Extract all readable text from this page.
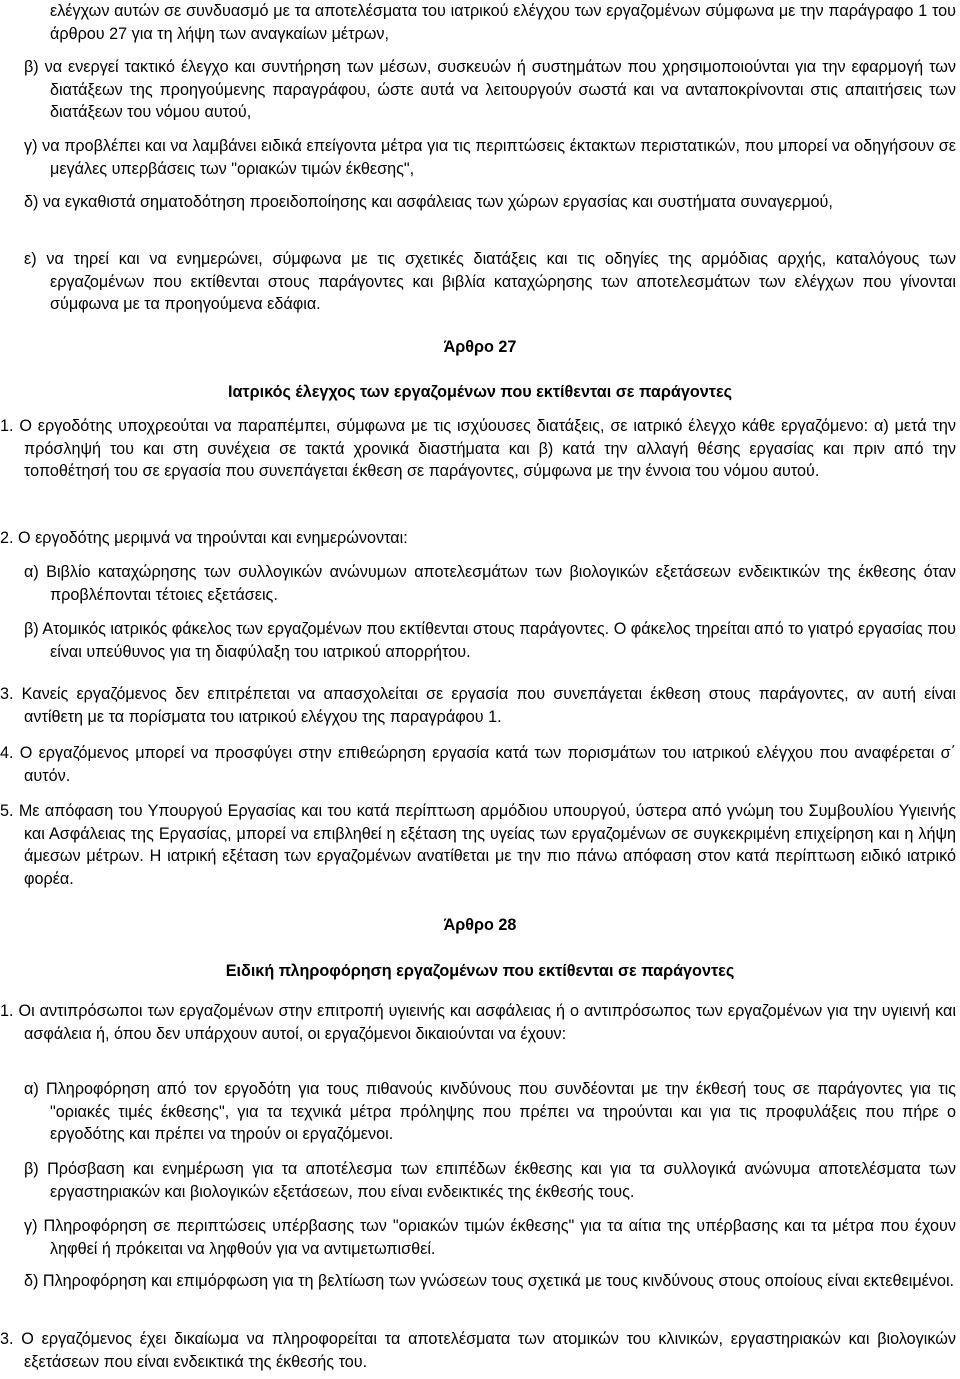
ελέγχων αυτών σε συνδυασμό με τα αποτελέσματα του ιατρικού ελέγχου των εργαζομένων σύμφωνα με την παράγραφο 1 του άρθρου 27 για τη λήψη των αναγκαίων μέτρων,
β) να ενεργεί τακτικό έλεγχο και συντήρηση των μέσων, συσκευών ή συστημάτων που χρησιμοποιούνται για την εφαρμογή των διατάξεων της προηγούμενης παραγράφου, ώστε αυτά να λειτουργούν σωστά και να ανταποκρίνονται στις απαιτήσεις των διατάξεων του νόμου αυτού,
γ) να προβλέπει και να λαμβάνει ειδικά επείγοντα μέτρα για τις περιπτώσεις έκτακτων περιστατικών, που μπορεί να οδηγήσουν σε μεγάλες υπερβάσεις των "οριακών τιμών έκθεσης",
δ) να εγκαθιστά σηματοδότηση προειδοποίησης και ασφάλειας των χώρων εργασίας και συστήματα συναγερμού,
ε) να τηρεί και να ενημερώνει, σύμφωνα με τις σχετικές διατάξεις και τις οδηγίες της αρμόδιας αρχής, καταλόγους των εργαζομένων που εκτίθενται στους παράγοντες και βιβλία καταχώρησης των αποτελεσμάτων των ελέγχων που γίνονται σύμφωνα με τα προηγούμενα εδάφια.
Άρθρο 27
Ιατρικός έλεγχος των εργαζομένων που εκτίθενται σε παράγοντες
1. Ο εργοδότης υποχρεούται να παραπέμπει, σύμφωνα με τις ισχύουσες διατάξεις, σε ιατρικό έλεγχο κάθε εργαζόμενο: α) μετά την πρόσληψή του και στη συνέχεια σε τακτά χρονικά διαστήματα και β) κατά την αλλαγή θέσης εργασίας και πριν από την τοποθέτησή του σε εργασία που συνεπάγεται έκθεση σε παράγοντες, σύμφωνα με την έννοια του νόμου αυτού.
2. Ο εργοδότης μεριμνά να τηρούνται και ενημερώνονται:
α) Βιβλίο καταχώρησης των συλλογικών ανώνυμων αποτελεσμάτων των βιολογικών εξετάσεων ενδεικτικών της έκθεσης όταν προβλέπονται τέτοιες εξετάσεις.
β) Ατομικός ιατρικός φάκελος των εργαζομένων που εκτίθενται στους παράγοντες. Ο φάκελος τηρείται από το γιατρό εργασίας που είναι υπεύθυνος για τη διαφύλαξη του ιατρικού απορρήτου.
3. Κανείς εργαζόμενος δεν επιτρέπεται να απασχολείται σε εργασία που συνεπάγεται έκθεση στους παράγοντες, αν αυτή είναι αντίθετη με τα πορίσματα του ιατρικού ελέγχου της παραγράφου 1.
4. Ο εργαζόμενος μπορεί να προσφύγει στην επιθεώρηση εργασία κατά των πορισμάτων του ιατρικού ελέγχου που αναφέρεται σ΄ αυτόν.
5. Με απόφαση του Υπουργού Εργασίας και του κατά περίπτωση αρμόδιου υπουργού, ύστερα από γνώμη του Συμβουλίου Υγιεινής και Ασφάλειας της Εργασίας, μπορεί να επιβληθεί η εξέταση της υγείας των εργαζομένων σε συγκεκριμένη επιχείρηση και η λήψη άμεσων μέτρων. Η ιατρική εξέταση των εργαζομένων ανατίθεται με την πιο πάνω απόφαση στον κατά περίπτωση ειδικό ιατρικό φορέα.
Άρθρο 28
Ειδική πληροφόρηση εργαζομένων που εκτίθενται σε παράγοντες
1. Οι αντιπρόσωποι των εργαζομένων στην επιτροπή υγιεινής και ασφάλειας ή ο αντιπρόσωπος των εργαζομένων για την υγιεινή και ασφάλεια ή, όπου δεν υπάρχουν αυτοί, οι εργαζόμενοι δικαιούνται να έχουν:
α) Πληροφόρηση από τον εργοδότη για τους πιθανούς κινδύνους που συνδέονται με την έκθεσή τους σε παράγοντες για τις "οριακές τιμές έκθεσης", για τα τεχνικά μέτρα πρόληψης που πρέπει να τηρούνται και για τις προφυλάξεις που πήρε ο εργοδότης και πρέπει να τηρούν οι εργαζόμενοι.
β) Πρόσβαση και ενημέρωση για τα αποτέλεσμα των επιπέδων έκθεσης και για τα συλλογικά ανώνυμα αποτελέσματα των εργαστηριακών και βιολογικών εξετάσεων, που είναι ενδεικτικές της έκθεσής τους.
γ) Πληροφόρηση σε περιπτώσεις υπέρβασης των "οριακών τιμών έκθεσης" για τα αίτια της υπέρβασης και τα μέτρα που έχουν ληφθεί ή πρόκειται να ληφθούν για να αντιμετωπισθεί.
δ) Πληροφόρηση και επιμόρφωση για τη βελτίωση των γνώσεων τους σχετικά με τους κινδύνους στους οποίους είναι εκτεθειμένοι.
3. Ο εργαζόμενος έχει δικαίωμα να πληροφορείται τα αποτελέσματα των ατομικών του κλινικών, εργαστηριακών και βιολογικών εξετάσεων που είναι ενδεικτικά της έκθεσής του.
